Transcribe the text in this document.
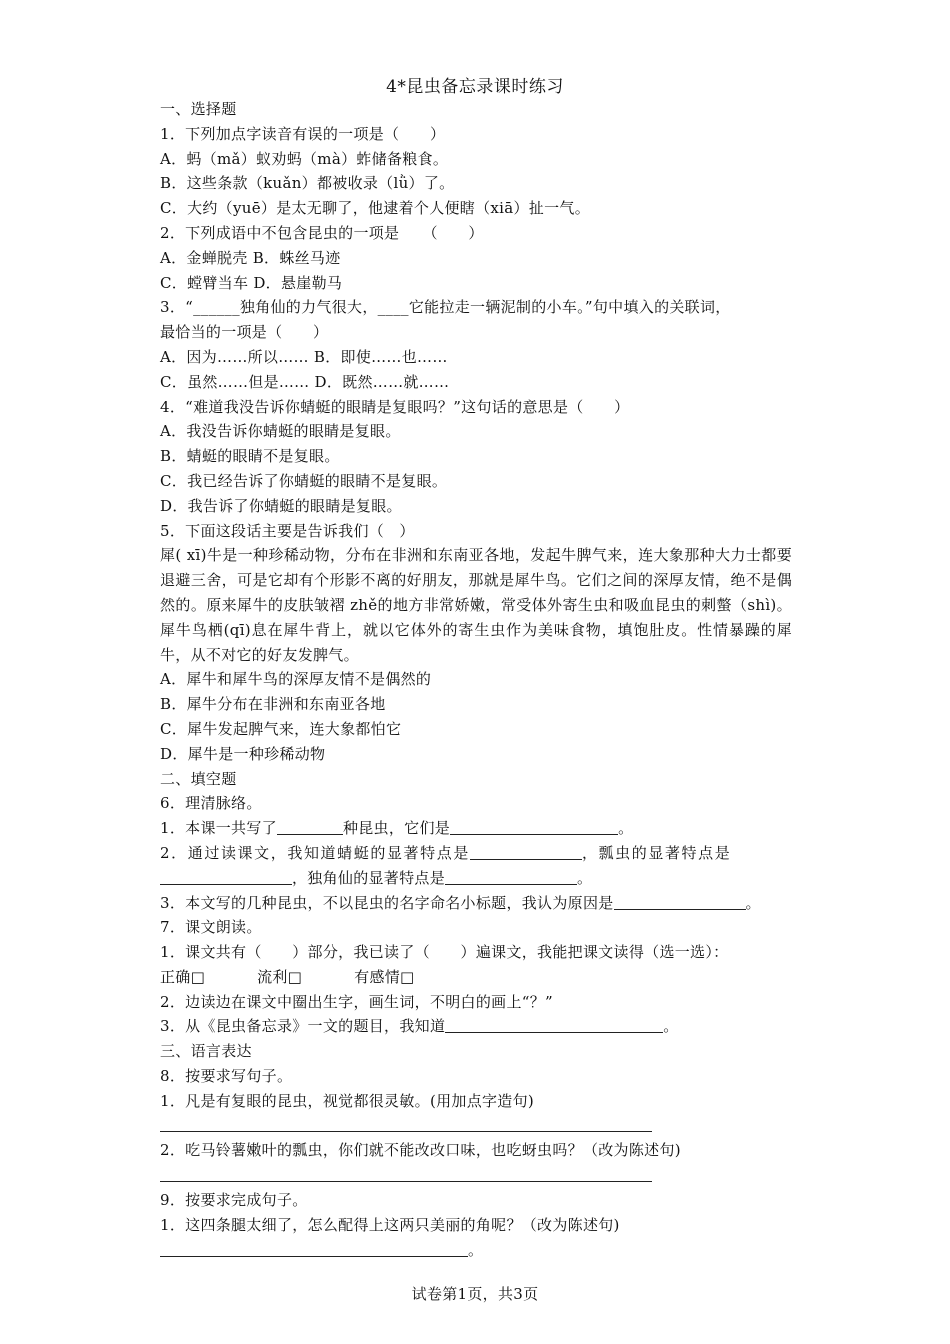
4*昆虫备忘录课时练习
一、选择题
1．下列加点字读音有误的一项是（　　）
A．蚂（mǎ）蚁劝蚂（mà）蚱储备粮食。
B．这些条款（kuǎn）都被收录（lǜ）了。
C．大约（yuē）是太无聊了，他逮着个人便瞎（xiā）扯一气。
2．下列成语中不包含昆虫的一项是　　（　　）
A．金蝉脱壳 B．蛛丝马迹
C．螳臂当车 D．悬崖勒马
3．“______独角仙的力气很大，____它能拉走一辆泥制的小车。”句中填入的关联词，
最恰当的一项是（　　）
A．因为……所以…… B．即使……也……
C．虽然……但是…… D．既然……就……
4．“难道我没告诉你蜻蜓的眼睛是复眼吗？”这句话的意思是（　　）
A．我没告诉你蜻蜓的眼睛是复眼。
B．蜻蜓的眼睛不是复眼。
C．我已经告诉了你蜻蜓的眼睛不是复眼。
D．我告诉了你蜻蜓的眼睛是复眼。
5．下面这段话主要是告诉我们（　）
犀( xī)牛是一种珍稀动物，分布在非洲和东南亚各地，发起牛脾气来，连大象那种大力士都要退避三舍，可是它却有个形影不离的好朋友，那就是犀牛鸟。它们之间的深厚友情，绝不是偶然的。原来犀牛的皮肤皱褶 zhě的地方非常娇嫩，常受体外寄生虫和吸血昆虫的刺螫（shì)。犀牛鸟栖(qī)息在犀牛背上，就以它体外的寄生虫作为美味食物，填饱肚皮。性情暴躁的犀牛，从不对它的好友发脾气。
A．犀牛和犀牛鸟的深厚友情不是偶然的
B．犀牛分布在非洲和东南亚各地
C．犀牛发起脾气来，连大象都怕它
D．犀牛是一种珍稀动物
二、填空题
6．理清脉络。
1．本课一共写了	种昆虫，它们是	。
2．通过读课文，我知道蜻蜓的显著特点是	，瓢虫的显著特点是
，独角仙的显著特点是	。
3．本文写的几种昆虫，不以昆虫的名字命名小标题，我认为原因是	。
7．课文朗读。
1．课文共有（　　）部分，我已读了（　　）遍课文，我能把课文读得（选一选）：
正确□	流利□	有感情□
2．边读边在课文中圈出生字，画生词，不明白的画上“？”
3．从《昆虫备忘录》一文的题目，我知道	。
三、语言表达
8．按要求写句子。
1．凡是有复眼的昆虫，视觉都很灵敏。(用加点字造句)
2．吃马铃薯嫩叶的瓢虫，你们就不能改改口味，也吃蚜虫吗？（改为陈述句)
9．按要求完成句子。
1．这四条腿太细了，怎么配得上这两只美丽的角呢？（改为陈述句)
。
试卷第1页，共3页
